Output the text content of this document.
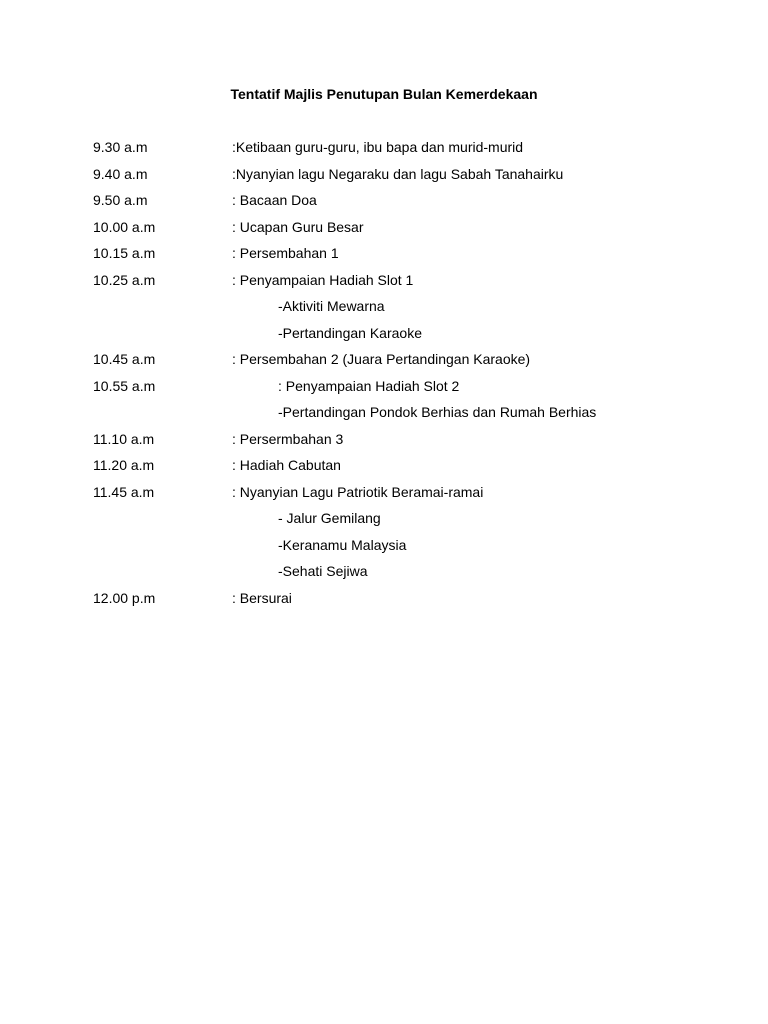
Tentatif Majlis Penutupan Bulan Kemerdekaan
9.30 a.m	:Ketibaan guru-guru, ibu bapa dan murid-murid
9.40 a.m	:Nyanyian lagu Negaraku dan lagu Sabah Tanahairku
9.50 a.m	: Bacaan Doa
10.00 a.m	: Ucapan Guru Besar
10.15 a.m	: Persembahan 1
10.25 a.m	: Penyampaian Hadiah Slot 1
-Aktiviti Mewarna
-Pertandingan Karaoke
10.45 a.m	: Persembahan 2 (Juara Pertandingan Karaoke)
10.55 a.m	: Penyampaian Hadiah Slot 2
-Pertandingan Pondok Berhias dan Rumah Berhias
11.10 a.m	: Persermbahan 3
11.20 a.m	: Hadiah Cabutan
11.45 a.m	: Nyanyian Lagu Patriotik Beramai-ramai
- Jalur Gemilang
-Keranamu Malaysia
-Sehati Sejiwa
12.00 p.m	: Bersurai
